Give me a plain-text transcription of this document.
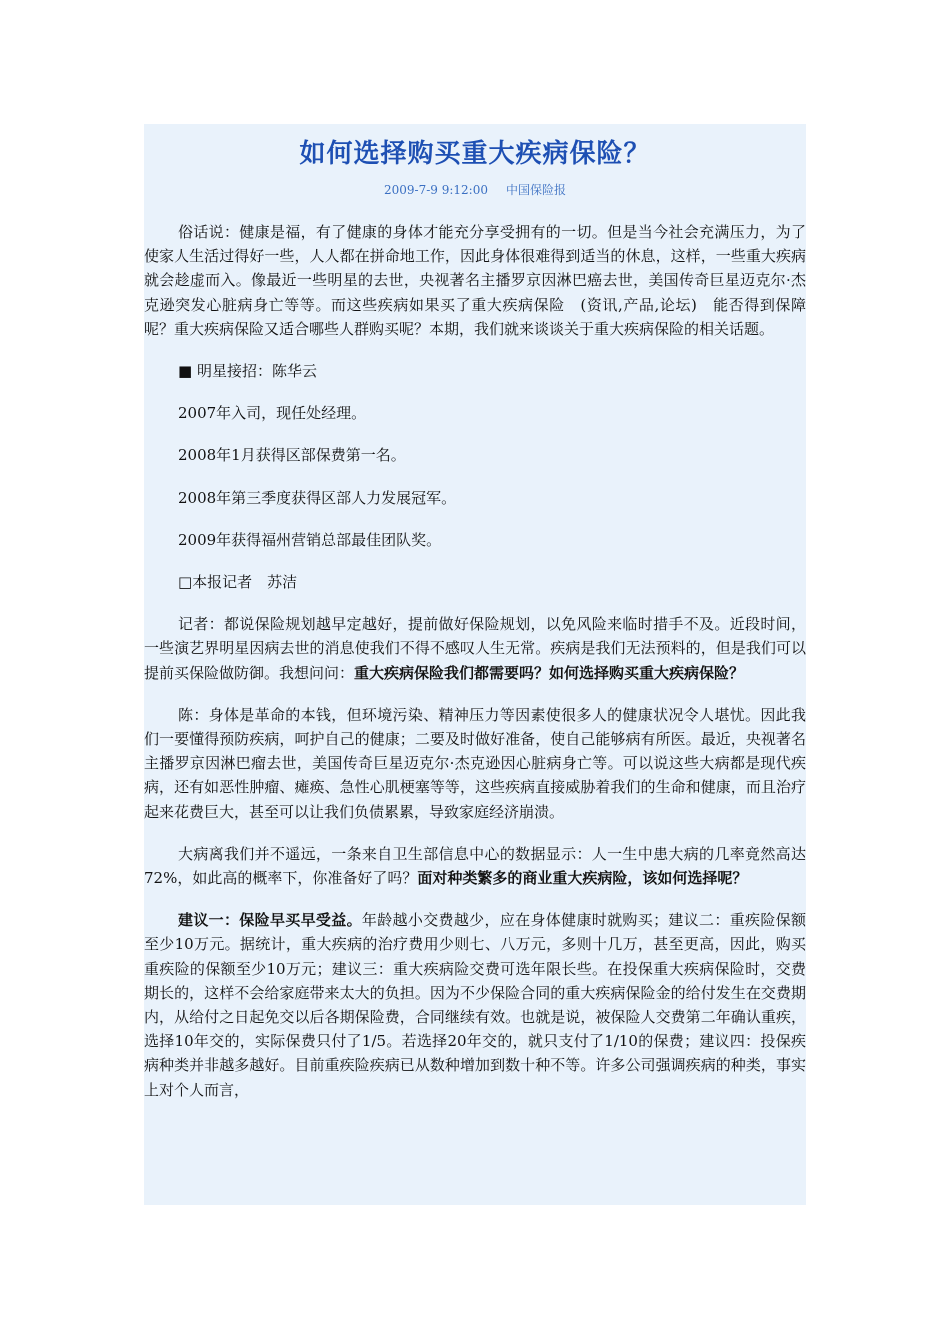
如何选择购买重大疾病保险？
2009-7-9 9:12:00 中国保险报

俗话说：健康是福，有了健康的身体才能充分享受拥有的一切。但是当今社会充满压力，为了使家人生活过得好一些，人人都在拼命地工作，因此身体很难得到适当的休息，这样，一些重大疾病就会趁虚而入。像最近一些明星的去世，央视著名主播罗京因淋巴癌去世，美国传奇巨星迈克尔·杰克逊突发心脏病身亡等等。而这些疾病如果买了重大疾病保险　(资讯,产品,论坛)　能否得到保障呢？重大疾病保险又适合哪些人群购买呢？本期，我们就来谈谈关于重大疾病保险的相关话题。

■ 明星接招：陈华云

2007年入司，现任处经理。

2008年1月获得区部保费第一名。

2008年第三季度获得区部人力发展冠军。

2009年获得福州营销总部最佳团队奖。

□本报记者　苏洁

记者：都说保险规划越早定越好，提前做好保险规划，以免风险来临时措手不及。近段时间，一些演艺界明星因病去世的消息使我们不得不感叹人生无常。疾病是我们无法预料的，但是我们可以提前买保险做防御。我想问问：重大疾病保险我们都需要吗？如何选择购买重大疾病保险？

陈：身体是革命的本钱，但环境污染、精神压力等因素使很多人的健康状况令人堪忧。因此我们一要懂得预防疾病，呵护自己的健康；二要及时做好准备，使自己能够病有所医。最近，央视著名主播罗京因淋巴瘤去世，美国传奇巨星迈克尔·杰克逊因心脏病身亡等。可以说这些大病都是现代疾病，还有如恶性肿瘤、瘫痪、急性心肌梗塞等等，这些疾病直接威胁着我们的生命和健康，而且治疗起来花费巨大，甚至可以让我们负债累累，导致家庭经济崩溃。

大病离我们并不遥远，一条来自卫生部信息中心的数据显示：人一生中患大病的几率竟然高达72%，如此高的概率下，你准备好了吗？面对种类繁多的商业重大疾病险，该如何选择呢？

建议一：保险早买早受益。年龄越小交费越少，应在身体健康时就购买；建议二：重疾险保额至少10万元。据统计，重大疾病的治疗费用少则七、八万元，多则十几万，甚至更高，因此，购买重疾险的保额至少10万元；建议三：重大疾病险交费可选年限长些。在投保重大疾病保险时，交费期长的，这样不会给家庭带来太大的负担。因为不少保险合同的重大疾病保险金的给付发生在交费期内，从给付之日起免交以后各期保险费，合同继续有效。也就是说，被保险人交费第二年确认重疾，选择10年交的，实际保费只付了1/5。若选择20年交的，就只支付了1/10的保费；建议四：投保疾病种类并非越多越好。目前重疾险疾病已从数种增加到数十种不等。许多公司强调疾病的种类，事实上对个人而言，
